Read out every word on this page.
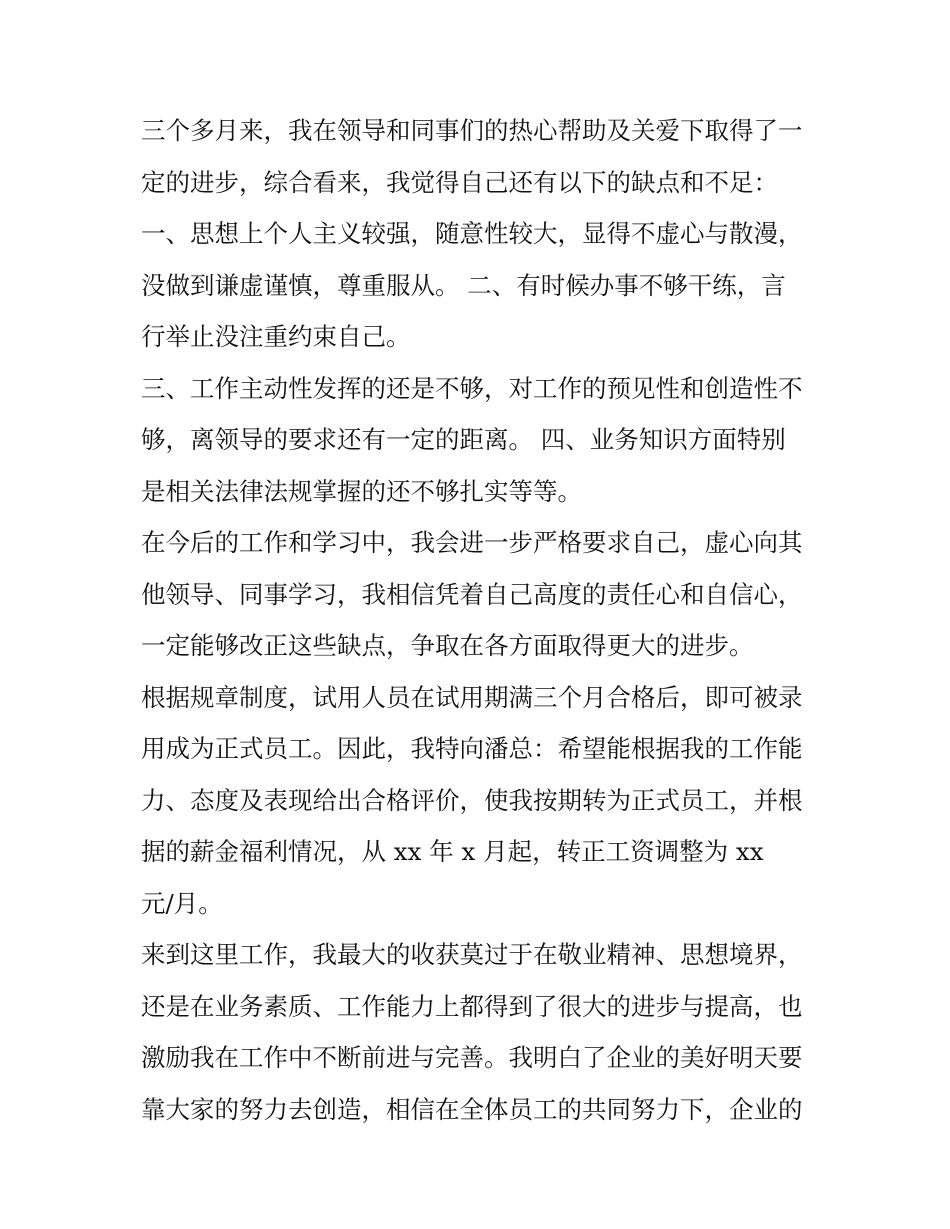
三个多月来，我在领导和同事们的热心帮助及关爱下取得了一
定的进步，综合看来，我觉得自己还有以下的缺点和不足：
一、思想上个人主义较强，随意性较大，显得不虚心与散漫，
没做到谦虚谨慎，尊重服从。 二、有时候办事不够干练，言
行举止没注重约束自己。
三、工作主动性发挥的还是不够，对工作的预见性和创造性不
够，离领导的要求还有一定的距离。 四、业务知识方面特别
是相关法律法规掌握的还不够扎实等等。
在今后的工作和学习中，我会进一步严格要求自己，虚心向其
他领导、同事学习，我相信凭着自己高度的责任心和自信心，
一定能够改正这些缺点，争取在各方面取得更大的进步。
根据规章制度，试用人员在试用期满三个月合格后，即可被录
用成为正式员工。因此，我特向潘总：希望能根据我的工作能
力、态度及表现给出合格评价，使我按期转为正式员工，并根
据的薪金福利情况，从 xx 年 x 月起，转正工资调整为 xx
元/月。
来到这里工作，我最大的收获莫过于在敬业精神、思想境界，
还是在业务素质、工作能力上都得到了很大的进步与提高，也
激励我在工作中不断前进与完善。我明白了企业的美好明天要
靠大家的努力去创造，相信在全体员工的共同努力下，企业的
